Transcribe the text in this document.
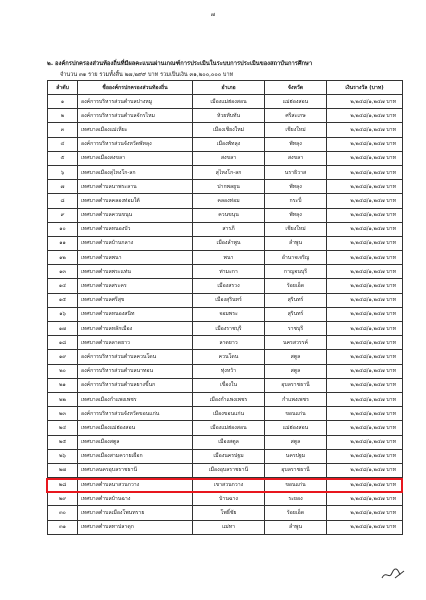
๗
๒. องค์กรปกครองส่วนท้องถิ่นที่มีผลคะแนนผ่านเกณฑ์การประเมินในระบบการประเมินของสถาบันการศึกษา
จำนวน ๓๑ ราย รวมทั้งสิ้น ๒๗,๒๙๙ บาท รวมเป็นเงิน ๓๑,๒๐๐,๐๐๐ บาท
ลำดับ	ชื่อองค์กรปกครองส่วนท้องถิ่น	อำเภอ	จังหวัด	เงินรางวัล (บาท)
๑	องค์การบริหารส่วนตำบลปางหมู	เมืองแม่ฮ่องสอน	แม่ฮ่องสอน	๒,๒๔๘/๑,๒๔๗ บาท
๒	องค์การบริหารส่วนตำบลจักรไหม	ห้วยทับทัน	ศรีสะเกษ	๒,๒๔๘/๑,๒๔๗ บาท
๓	เทศบาลเมืองแม่เหียะ	เมืองเชียงใหม่	เชียงใหม่	๒,๒๔๘/๑,๒๔๗ บาท
๔	องค์การบริหารส่วนจังหวัดพัทลุง	เมืองพัทลุง	พัทลุง	๒,๒๔๘/๑,๒๔๗ บาท
๕	เทศบาลเมืองสงขลา	สงขลา	สงขลา	๒,๒๔๘/๑,๒๔๗ บาท
๖	เทศบาลเมืองสุไหงโก-ลก	สุไหงโก-ลก	นราธิวาส	๒,๒๔๘/๑,๒๔๗ บาท
๗	เทศบาลตำบลนาพระลาน	ปากพลยูน	พัทลุง	๒,๒๔๘/๑,๒๔๗ บาท
๘	เทศบาลตำบลคลองท่อมใต้	คลองท่อม	กระบี่	๒,๒๔๘/๑,๒๔๗ บาท
๙	เทศบาลตำบลควนขนุน	ควนขนุน	พัทลุง	๒,๒๔๘/๑,๒๔๗ บาท
๑๐	เทศบาลตำบลหนองบัว	สารภี	เชียงใหม่	๒,๒๔๘/๑,๒๔๗ บาท
๑๑	เทศบาลตำบลบ้านกลาง	เมืองลำพูน	ลำพูน	๒,๒๔๘/๑,๒๔๗ บาท
๑๒	เทศบาลตำบลพนา	พนา	อำนาจเจริญ	๒,๒๔๘/๑,๒๔๗ บาท
๑๓	เทศบาลตำบลพระแท่น	ท่ามะกา	กาญจนบุรี	๒,๒๔๘/๑,๒๔๗ บาท
๑๔	เทศบาลตำบลสระคร	เมืองสรวง	ร้อยเอ็ด	๒,๒๔๘/๑,๒๔๗ บาท
๑๕	เทศบาลตำบลศรีสุข	เมืองสุรินทร์	สุรินทร์	๒,๒๔๘/๑,๒๔๗ บาท
๑๖	เทศบาลตำบลหนองสนิท	จอมพระ	สุรินทร์	๒,๒๔๘/๑,๒๔๗ บาท
๑๗	เทศบาลตำบลหลักเมือง	เมืองราชบุรี	ราชบุรี	๒,๒๔๘/๑,๒๔๗ บาท
๑๘	เทศบาลตำบลลาดยาว	ลาดยาว	นครสวรรค์	๒,๒๔๘/๑,๒๔๗ บาท
๑๙	องค์การบริหารส่วนตำบลควนโดน	ควนโดน	สตูล	๒,๒๔๘/๑,๒๔๗ บาท
๒๐	องค์การบริหารส่วนตำบลนาทอน	ทุ่งหว้า	สตูล	๒,๒๔๘/๑,๒๔๗ บาท
๒๑	องค์การบริหารส่วนตำบลยางขี้นก	เขื่องใน	อุบลราชธานี	๒,๒๔๘/๑,๒๔๗ บาท
๒๒	เทศบาลเมืองกำแพงเพชร	เมืองกำแพงเพชร	กำแพงเพชร	๒,๒๔๘/๑,๒๔๗ บาท
๒๓	องค์การบริหารส่วนจังหวัดขอนแก่น	เมืองขอนแก่น	ขอนแก่น	๒,๒๔๘/๑,๒๔๗ บาท
๒๔	เทศบาลเมืองแม่ฮ่องสอน	เมืองแม่ฮ่องสอน	แม่ฮ่องสอน	๒,๒๔๘/๑,๒๔๗ บาท
๒๕	เทศบาลเมืองสตูล	เมืองสตูล	สตูล	๒,๒๔๘/๑,๒๔๗ บาท
๒๖	เทศบาลเมืองสามควายเผือก	เมืองนครปฐม	นครปฐม	๒,๒๔๘/๑,๒๔๗ บาท
๒๗	เทศบาลนครอุบลราชธานี	เมืองอุบลราชธานี	อุบลราชธานี	๒,๒๔๘/๑,๒๔๗ บาท
๒๘	เทศบาลตำบลนาสวนกวาง	เขาสวนกวาง	ขอนแก่น	๒,๒๔๘/๑,๒๔๗ บาท
๒๙	เทศบาลตำบลบ้านฉาง	บ้านฉาง	ระยอง	๒,๒๔๘/๑,๒๔๗ บาท
๓๐	เทศบาลตำบลเมืองโพนทราย	โพธิ์ชัย	ร้อยเอ็ด	๒,๒๔๘/๑,๒๔๗ บาท
๓๑	เทศบาลตำบลทาปลาดุก	แม่ทา	ลำพูน	๒,๒๔๘/๑,๒๔๗ บาท
